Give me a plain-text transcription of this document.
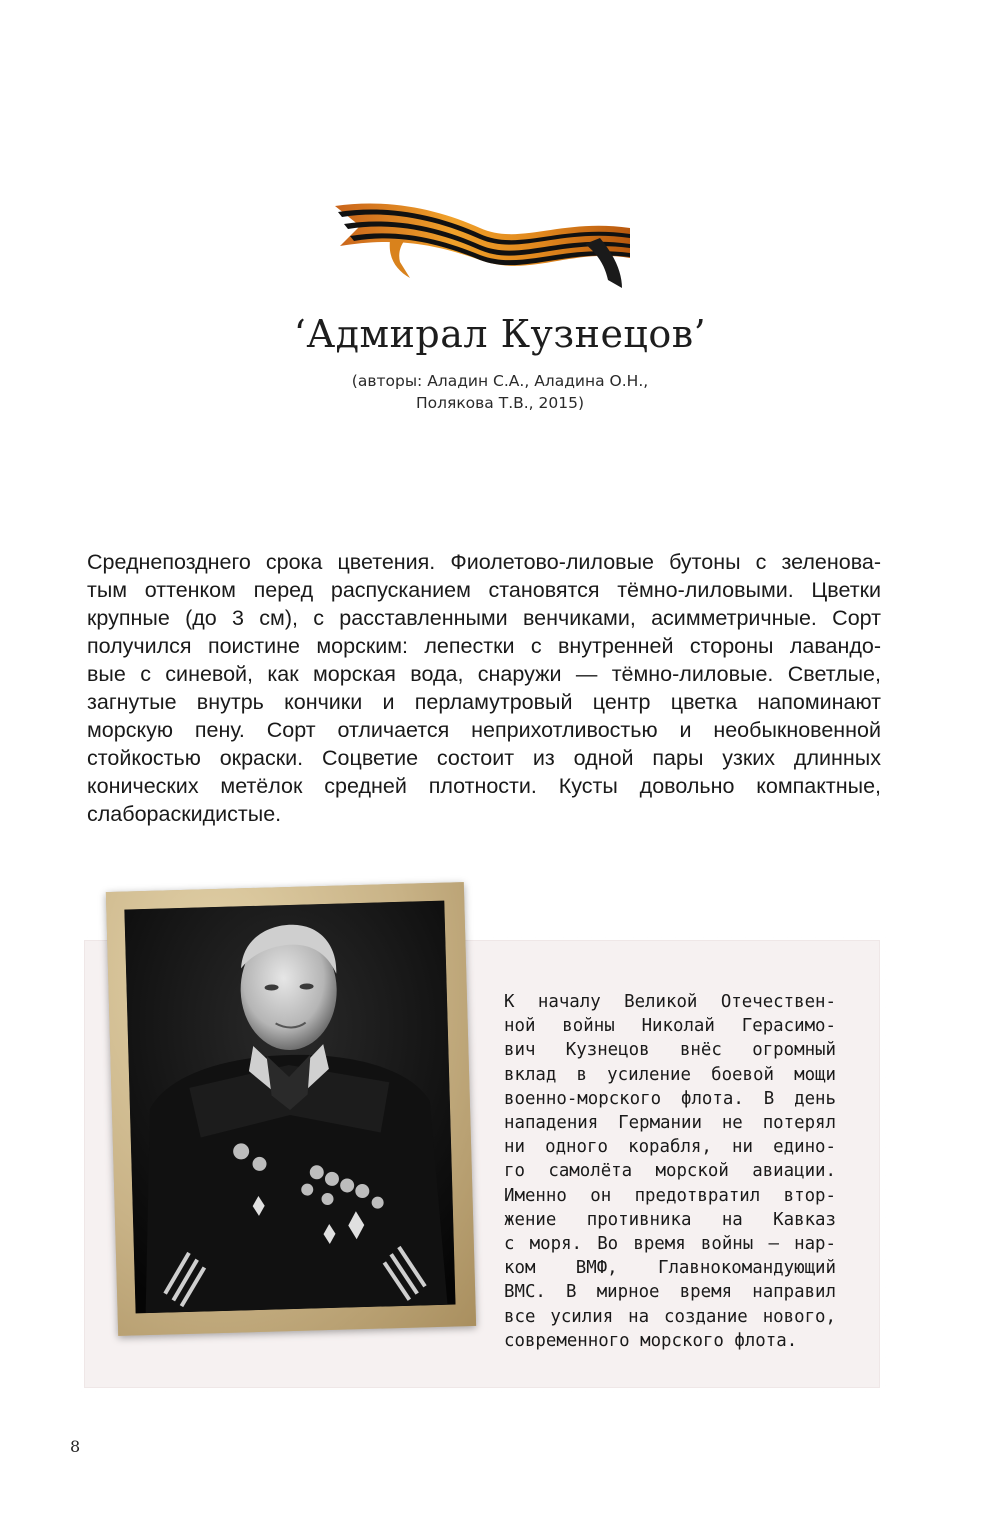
‘Адмирал Кузнецов’
(авторы: Аладин С.А., Аладина О.Н.,
Полякова Т.В., 2015)
Среднепозднего срока цветения. Фиолетово-лиловые бутоны с зеленова-
тым оттенком перед распусканием становятся тёмно-лиловыми. Цветки
крупные (до 3 см), с расставленными венчиками, асимметричные. Сорт
получился поистине морским: лепестки с внутренней стороны лавандо-
вые с синевой, как морская вода, снаружи — тёмно-лиловые. Светлые,
загнутые внутрь кончики и перламутровый центр цветка напоминают
морскую пену. Сорт отличается неприхотливостью и необыкновенной
стойкостью окраски. Соцветие состоит из одной пары узких длинных
конических метёлок средней плотности. Кусты довольно компактные,
слабораскидистые.
К началу Великой Отечествен-
ной войны Николай Герасимо-
вич Кузнецов внёс огромный
вклад в усиление боевой мощи
военно-морского флота. В день
нападения Германии не потерял
ни одного корабля, ни едино-
го самолёта морской авиации.
Именно он предотвратил втор-
жение противника на Кавказ
с моря. Во время войны — нар-
ком ВМФ, Главнокомандующий
ВМС. В мирное время направил
все усилия на создание нового,
современного морского флота.
8
